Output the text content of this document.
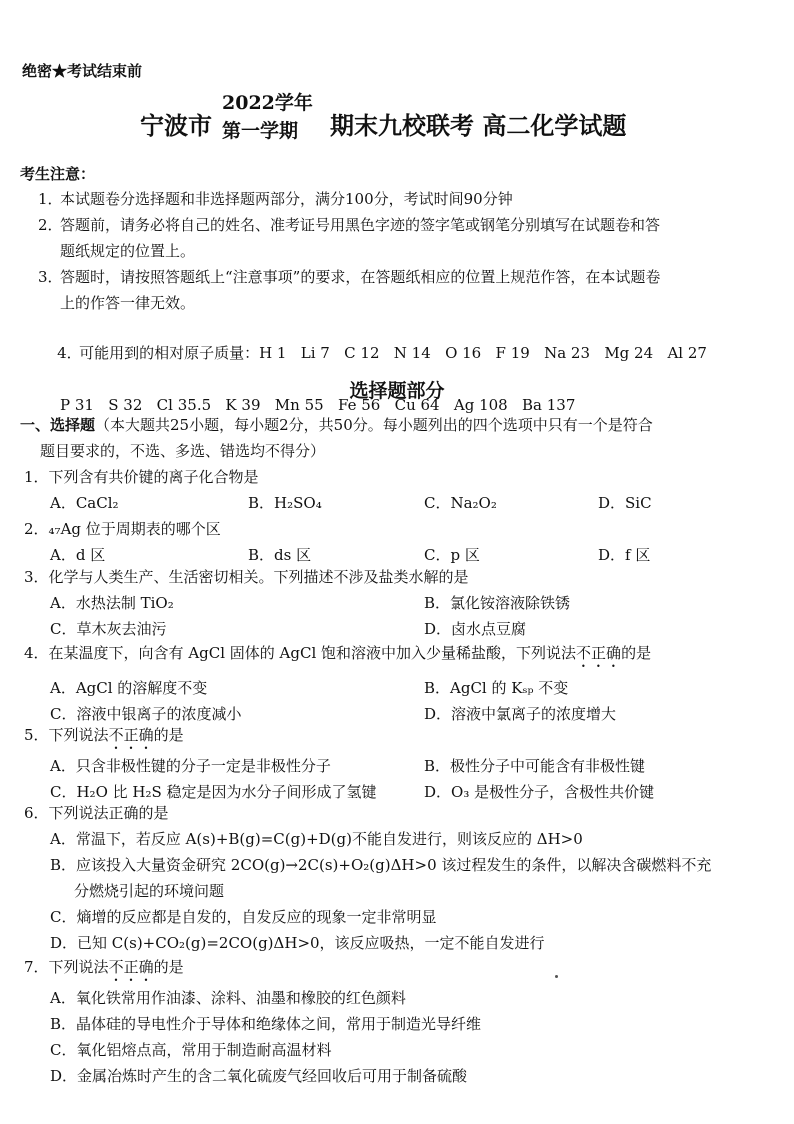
绝密★考试结束前
宁波市
2022学年
第一学期 期末九校联考 高二化学试题
考生注意：
1．本试题卷分选择题和非选择题两部分，满分100分，考试时间90分钟
2．答题前，请务必将自己的姓名、准考证号用黑色字迹的签字笔或钢笔分别填写在试题卷和答
题纸规定的位置上。
3．答题时，请按照答题纸上“注意事项”的要求，在答题纸相应的位置上规范作答，在本试题卷
上的作答一律无效。

4．可能用到的相对原子质量：H 1   Li 7   C 12   N 14   O 16   F 19   Na 23   Mg 24   Al 27

P 31   S 32   Cl 35.5   K 39   Mn 55   Fe 56   Cu 64   Ag 108   Ba 137

选择题部分
一、选择题（本大题共25小题，每小题2分，共50分。每小题列出的四个选项中只有一个是符合
题目要求的，不选、多选、错选均不得分）
1．下列含有共价键的离子化合物是
A．CaCl₂	B．H₂SO₄	C．Na₂O₂	D．SiC
2．₄₇Ag 位于周期表的哪个区
A．d 区	B．ds 区	C．p 区	D．f 区
3．化学与人类生产、生活密切相关。下列描述不涉及盐类水解的是
A．水热法制 TiO₂	B．氯化铵溶液除铁锈
C．草木灰去油污	D．卤水点豆腐
4．在某温度下，向含有 AgCl 固体的 AgCl 饱和溶液中加入少量稀盐酸，下列说法不正确的是
A．AgCl 的溶解度不变	B．AgCl 的 Kₛₚ 不变
C．溶液中银离子的浓度减小	D．溶液中氯离子的浓度增大
5．下列说法不正确的是
A．只含非极性键的分子一定是非极性分子	B．极性分子中可能含有非极性键
C．H₂O 比 H₂S 稳定是因为水分子间形成了氢键	D．O₃ 是极性分子，含极性共价键
6．下列说法正确的是
A．常温下，若反应 A(s)+B(g)=C(g)+D(g)不能自发进行，则该反应的 ΔH>0
B．应该投入大量资金研究 2CO(g)→2C(s)+O₂(g)ΔH>0 该过程发生的条件，以解决含碳燃料不充
分燃烧引起的环境问题
C．熵增的反应都是自发的，自发反应的现象一定非常明显
D．已知 C(s)+CO₂(g)=2CO(g)ΔH>0，该反应吸热，一定不能自发进行
7．下列说法不正确的是
A．氧化铁常用作油漆、涂料、油墨和橡胶的红色颜料
B．晶体硅的导电性介于导体和绝缘体之间，常用于制造光导纤维
C．氧化铝熔点高，常用于制造耐高温材料
D．金属冶炼时产生的含二氧化硫废气经回收后可用于制备硫酸
